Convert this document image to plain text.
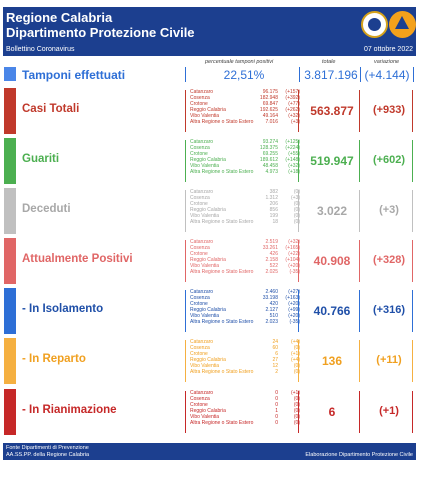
Regione Calabria
Dipartimento Protezione Civile
Bollettino Coronavirus	07 ottobre 2022
percentuale tamponi positivi	totale	variazione
Tamponi effettuati	22,51%	3.817.196 (+4.144)
Casi Totali
Catanzaro	96.175 (+157)
Cosenza	182.948 (+392)
Crotone	69.847 (+77)
Reggio Calabria	192.625 (+262)
Vibo Valentia	49.164 (+32)
Altra Regione o Stato Estero 7.016	(+3)
563.877	(+933)
Guariti
Catanzaro	93.274 (+125)
Cosenza	128.375 (+224)
Crotone	69.255 (+55)
Reggio Calabria	189.612 (+148)
Vibo Valentia	48.458 (+32)
Altra Regione o Stato Estero 4.973 (+18)
519.947	(+602)
Deceduti
Catanzaro	382	(0)
Cosenza	1.312	(+3)
Crotone	206	(0)
Reggio Calabria	856	(0)
Vibo Valentia	199	(0)
Altra Regione o Stato Estero	18	(0)
3.022	(+3)
Attualmente Positivi
Catanzaro	2.519 (+32)
Cosenza	33.261 (+165)
Crotone	426 (+22)
Reggio Calabria	2.158 (+104)
Vibo Valentia	522 (+20)
Altra Regione o Stato Estero 2.025 (-35)
40.908	(+328)
- In Isolamento
Catanzaro	2.460 (+27)
Cosenza	33.198 (+163)
Crotone	420 (+20)
Reggio Calabria	2.127 (+99)
Vibo Valentia	510 (+20)
Altra Regione o Stato Estero 2.023 (-35)
40.766	(+316)
- In Reparto
Catanzaro	24	(+4)
Cosenza	60	(0)
Crotone	6	(+1)
Reggio Calabria	27	(+4)
Vibo Valentia	12	(0)
Altra Regione o Stato Estero	2	(0)
136	(+11)
- In Rianimazione
Catanzaro	0	(+1)
Cosenza	0	(0)
Crotone	0	(0)
Reggio Calabria	1	(0)
Vibo Valentia	0	(0)
Altra Regione o Stato Estero	0	(0)
6	(+1)
Fonte Dipartimenti di Prevenzione
AA.SS.PP. della Regione Calabria	Elaborazione Dipartimento Protezione Civile
